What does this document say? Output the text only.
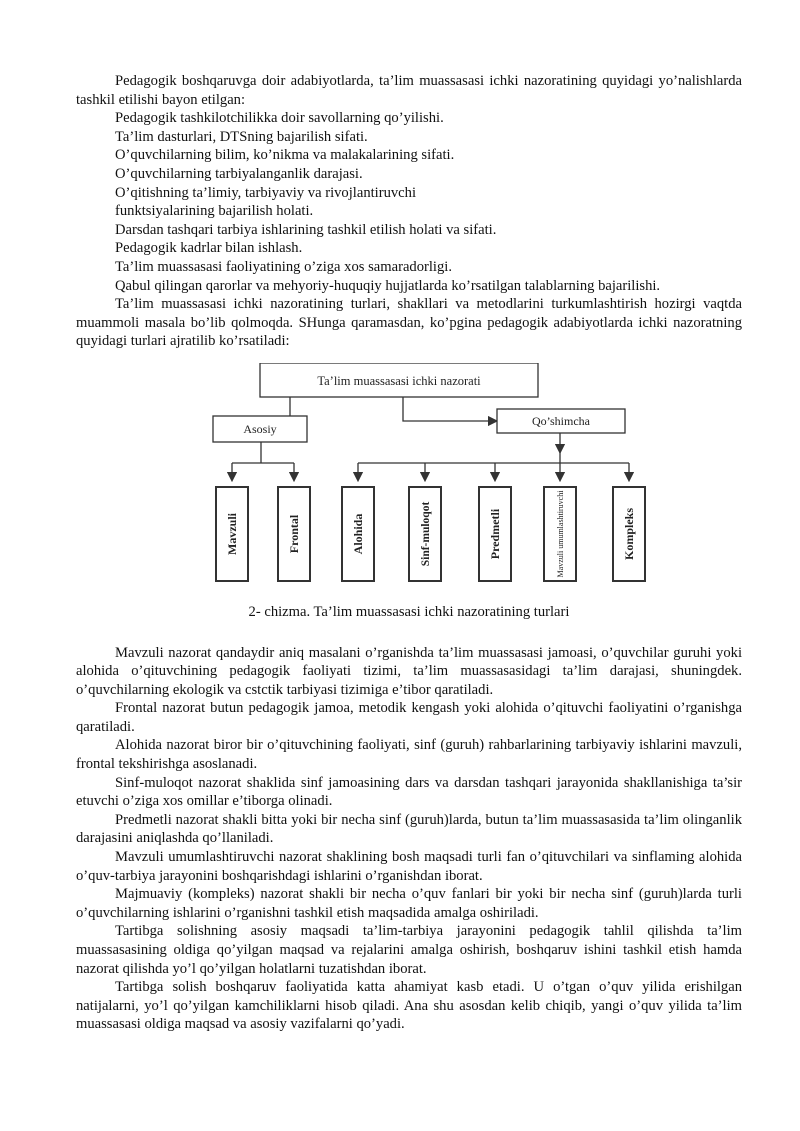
Pedagogik boshqaruvga doir adabiyotlarda, ta’lim muassasasi ichki nazoratining quyidagi yo’nalishlarda tashkil etilishi bayon etilgan:

Pedagogik tashkilotchilikka doir savollarning qo’yilishi.

Ta’lim dasturlari, DTSning bajarilish sifati.

O’quvchilarning bilim, ko’nikma va malakalarining sifati.

O’quvchilarning tarbiyalanganlik darajasi.

O’qitishning ta’limiy, tarbiyaviy va rivojlantiruvchi

funktsiyalarining bajarilish holati.

Darsdan tashqari tarbiya ishlarining tashkil etilish holati va sifati.

Pedagogik kadrlar bilan ishlash.

Ta’lim muassasasi faoliyatining o’ziga xos samaradorligi.

Qabul qilingan qarorlar va mehyoriy-huquqiy hujjatlarda ko’rsatilgan talablarning bajarilishi.

Ta’lim muassasasi ichki nazoratining turlari, shakllari va metodlarini turkumlashtirish hozirgi vaqtda muammoli masala bo’lib qolmoqda. SHunga qaramasdan, ko’pgina pedagogik adabiyotlarda ichki nazoratning quyidagi turlari ajratilib ko’rsatiladi:

Ta’lim muassasasi ichki nazorati
Asosiy
Qo’shimcha
Mavzuli	Frontal	Alohida	Sinf-muloqot	Predmetli	Mavzuli umumlashtiruvchi	Kompleks

2- chizma. Ta’lim muassasasi ichki nazoratining turlari

Mavzuli nazorat qandaydir aniq masalani o’rganishda ta’lim muassasasi jamoasi, o’quvchilar guruhi yoki alohida o’qituvchining pedagogik faoliyati tizimi, ta’lim muassasasidagi ta’lim darajasi, shuningdek. o’quvchilarning ekologik va cstctik tarbiyasi tizimiga e’tibor qaratiladi.

Frontal nazorat butun pedagogik jamoa, metodik kengash yoki alohida o’qituvchi faoliyatini o’rganishga qaratiladi.

Alohida nazorat biror bir o’qituvchining faoliyati, sinf (guruh) rahbarlarining tarbiyaviy ishlarini mavzuli, frontal tekshirishga asoslanadi.

Sinf-muloqot nazorat shaklida sinf jamoasining dars va darsdan tashqari jarayonida shakllanishiga ta’sir etuvchi o’ziga xos omillar e’tiborga olinadi.

Predmetli nazorat shakli bitta yoki bir necha sinf (guruh)larda, butun ta’lim muassasasida ta’lim olinganlik darajasini aniqlashda qo’llaniladi.

Mavzuli umumlashtiruvchi nazorat shaklining bosh maqsadi turli fan o’qituvchilari va sinflaming alohida o’quv-tarbiya jarayonini boshqarishdagi ishlarini o’rganishdan iborat.

Majmuaviy (kompleks) nazorat shakli bir necha o’quv fanlari bir yoki bir necha sinf (guruh)larda turli o’quvchilarning ishlarini o’rganishni tashkil etish maqsadida amalga oshiriladi.

Tartibga solishning asosiy maqsadi ta’lim-tarbiya jarayonini pedagogik tahlil qilishda ta’lim muassasasining oldiga qo’yilgan maqsad va rejalarini amalga oshirish, boshqaruv ishini tashkil etish hamda nazorat qilishda yo’l qo’yilgan holatlarni tuzatishdan iborat.

Tartibga solish boshqaruv faoliyatida katta ahamiyat kasb etadi. U o’tgan o’quv yilida erishilgan natijalarni, yo’l qo’yilgan kamchiliklarni hisob qiladi. Ana shu asosdan kelib chiqib, yangi o’quv yilida ta’lim muassasasi oldiga maqsad va asosiy vazifalarni qo’yadi.
